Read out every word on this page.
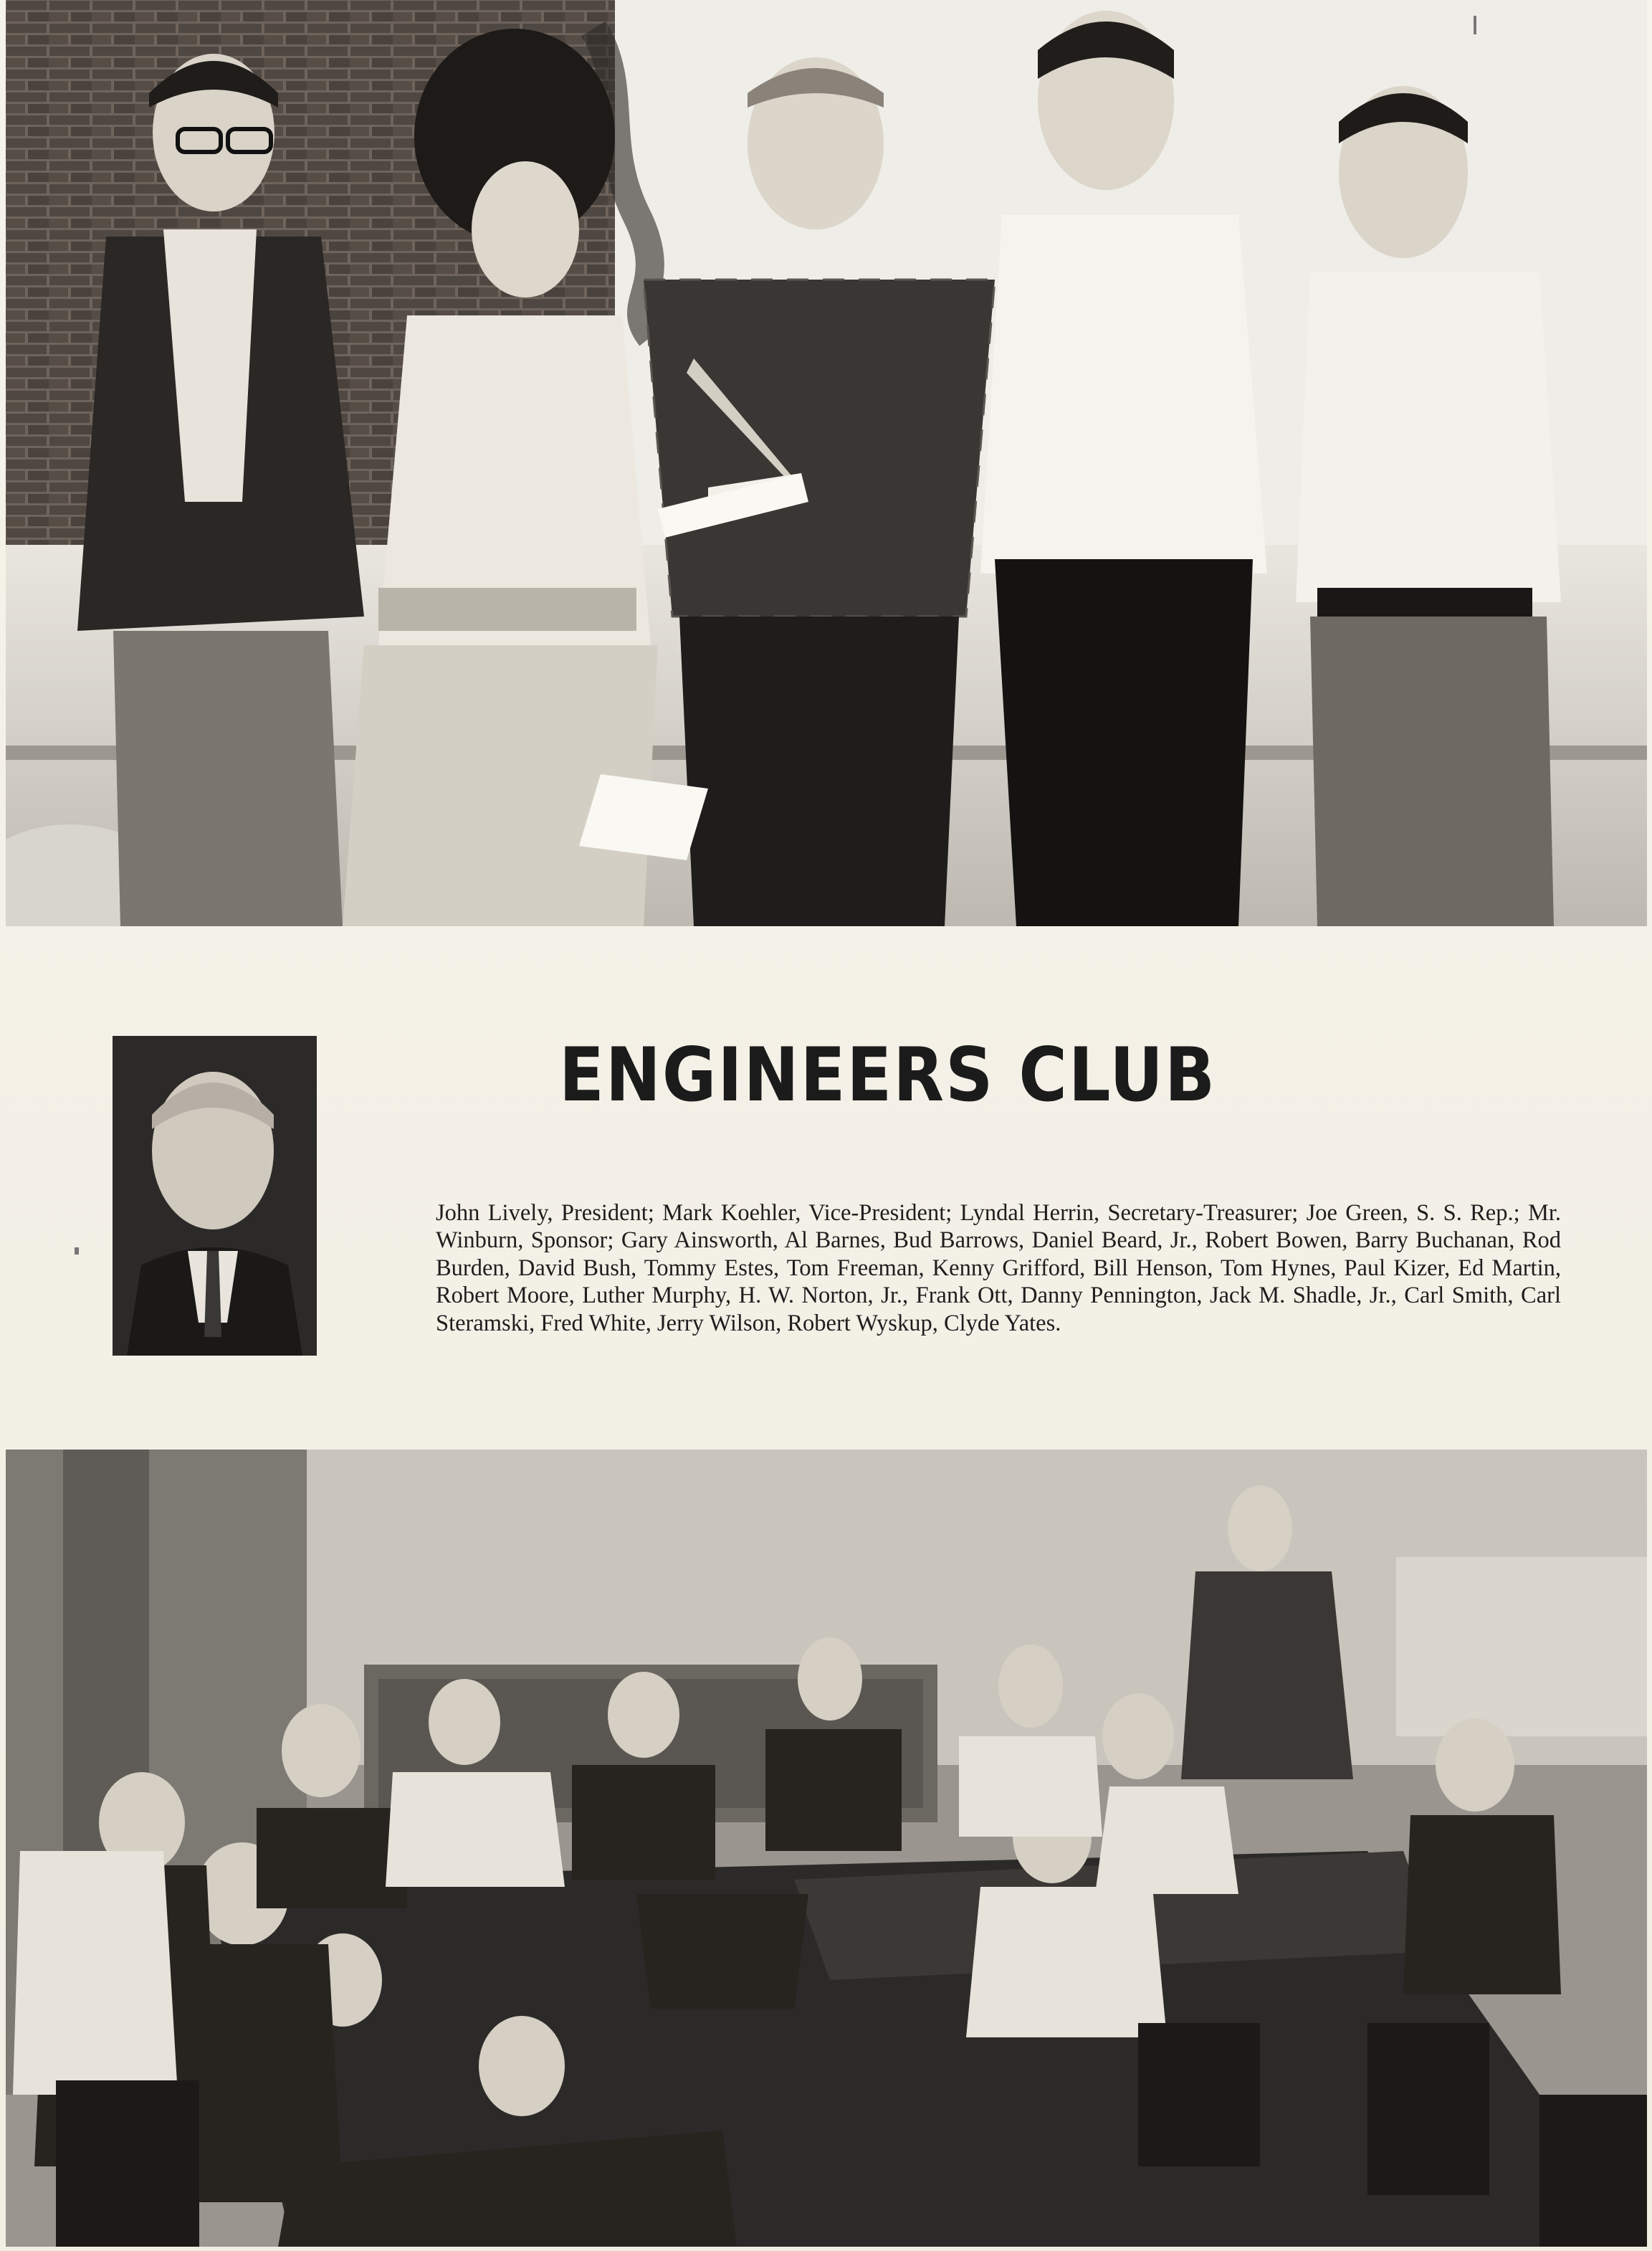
ENGINEERS CLUB

John Lively, President; Mark Koehler, Vice-President; Lyndal Herrin, Secretary-Treasurer; Joe Green, S. S. Rep.; Mr. Winburn, Sponsor; Gary Ainsworth, Al Barnes, Bud Barrows, Daniel Beard, Jr., Robert Bowen, Barry Buchanan, Rod Burden, David Bush, Tommy Estes, Tom Freeman, Kenny Grifford, Bill Henson, Tom Hynes, Paul Kizer, Ed Martin, Robert Moore, Luther Murphy, H. W. Norton, Jr., Frank Ott, Danny Pennington, Jack M. Shadle, Jr., Carl Smith, Carl Steramski, Fred White, Jerry Wilson, Robert Wyskup, Clyde Yates.
